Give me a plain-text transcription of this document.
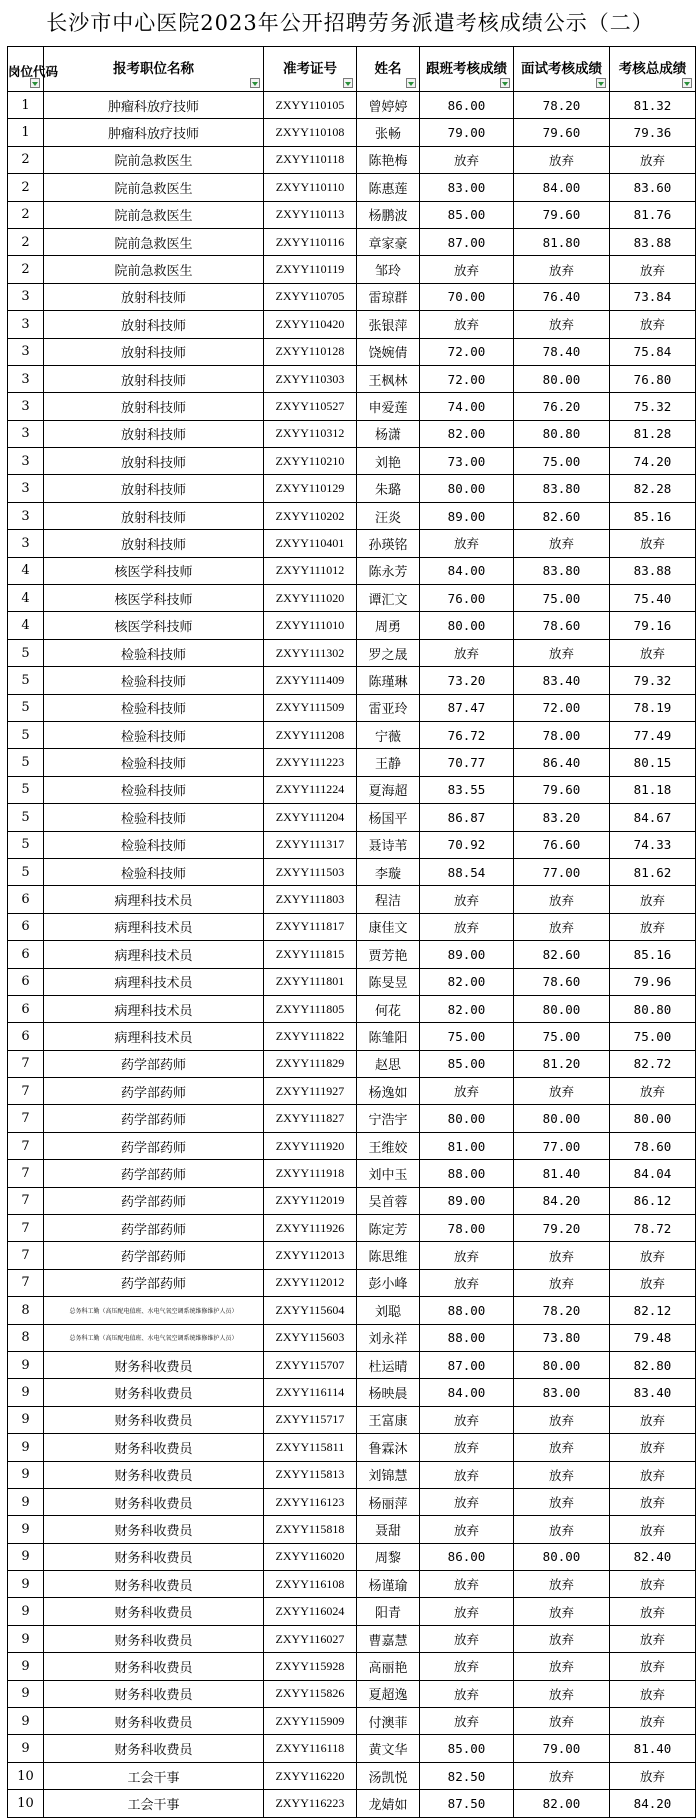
长沙市中心医院2023年公开招聘劳务派遣考核成绩公示（二）
岗位代码	报考职位名称	准考证号	姓名	跟班考核成绩	面试考核成绩	考核总成绩

1	肿瘤科放疗技师	ZXYY110105	曾婷婷	86.00	78.20	81.32
1	肿瘤科放疗技师	ZXYY110108	张畅	79.00	79.60	79.36
2	院前急救医生	ZXYY110118	陈艳梅	放弃	放弃	放弃
2	院前急救医生	ZXYY110110	陈惠莲	83.00	84.00	83.60
2	院前急救医生	ZXYY110113	杨鹏波	85.00	79.60	81.76
2	院前急救医生	ZXYY110116	章家豪	87.00	81.80	83.88
2	院前急救医生	ZXYY110119	邹玲	放弃	放弃	放弃
3	放射科技师	ZXYY110705	雷琼群	70.00	76.40	73.84
3	放射科技师	ZXYY110420	张银萍	放弃	放弃	放弃
3	放射科技师	ZXYY110128	饶婉倩	72.00	78.40	75.84
3	放射科技师	ZXYY110303	王枫林	72.00	80.00	76.80
3	放射科技师	ZXYY110527	申爱莲	74.00	76.20	75.32
3	放射科技师	ZXYY110312	杨潇	82.00	80.80	81.28
3	放射科技师	ZXYY110210	刘艳	73.00	75.00	74.20
3	放射科技师	ZXYY110129	朱璐	80.00	83.80	82.28
3	放射科技师	ZXYY110202	汪炎	89.00	82.60	85.16
3	放射科技师	ZXYY110401	孙瑛铭	放弃	放弃	放弃
4	核医学科技师	ZXYY111012	陈永芳	84.00	83.80	83.88
4	核医学科技师	ZXYY111020	谭汇文	76.00	75.00	75.40
4	核医学科技师	ZXYY111010	周勇	80.00	78.60	79.16
5	检验科技师	ZXYY111302	罗之晟	放弃	放弃	放弃
5	检验科技师	ZXYY111409	陈瑾琳	73.20	83.40	79.32
5	检验科技师	ZXYY111509	雷亚玲	87.47	72.00	78.19
5	检验科技师	ZXYY111208	宁薇	76.72	78.00	77.49
5	检验科技师	ZXYY111223	王静	70.77	86.40	80.15
5	检验科技师	ZXYY111224	夏海超	83.55	79.60	81.18
5	检验科技师	ZXYY111204	杨国平	86.87	83.20	84.67
5	检验科技师	ZXYY111317	聂诗苇	70.92	76.60	74.33
5	检验科技师	ZXYY111503	李璇	88.54	77.00	81.62
6	病理科技术员	ZXYY111803	程洁	放弃	放弃	放弃
6	病理科技术员	ZXYY111817	康佳文	放弃	放弃	放弃
6	病理科技术员	ZXYY111815	贾芳艳	89.00	82.60	85.16
6	病理科技术员	ZXYY111801	陈旻昱	82.00	78.60	79.96
6	病理科技术员	ZXYY111805	何花	82.00	80.00	80.80
6	病理科技术员	ZXYY111822	陈雏阳	75.00	75.00	75.00
7	药学部药师	ZXYY111829	赵思	85.00	81.20	82.72
7	药学部药师	ZXYY111927	杨逸如	放弃	放弃	放弃
7	药学部药师	ZXYY111827	宁浩宇	80.00	80.00	80.00
7	药学部药师	ZXYY111920	王维姣	81.00	77.00	78.60
7	药学部药师	ZXYY111918	刘中玉	88.00	81.40	84.04
7	药学部药师	ZXYY112019	吴首蓉	89.00	84.20	86.12
7	药学部药师	ZXYY111926	陈定芳	78.00	79.20	78.72
7	药学部药师	ZXYY112013	陈思维	放弃	放弃	放弃
7	药学部药师	ZXYY112012	彭小峰	放弃	放弃	放弃
8	总务科工勤（高压配电值班、水电气氧空调系统维修维护人员）	ZXYY115604	刘聪	88.00	78.20	82.12
8	总务科工勤（高压配电值班、水电气氧空调系统维修维护人员）	ZXYY115603	刘永祥	88.00	73.80	79.48
9	财务科收费员	ZXYY115707	杜运晴	87.00	80.00	82.80
9	财务科收费员	ZXYY116114	杨映晨	84.00	83.00	83.40
9	财务科收费员	ZXYY115717	王富康	放弃	放弃	放弃
9	财务科收费员	ZXYY115811	鲁霖沐	放弃	放弃	放弃
9	财务科收费员	ZXYY115813	刘锦慧	放弃	放弃	放弃
9	财务科收费员	ZXYY116123	杨丽萍	放弃	放弃	放弃
9	财务科收费员	ZXYY115818	聂甜	放弃	放弃	放弃
9	财务科收费员	ZXYY116020	周黎	86.00	80.00	82.40
9	财务科收费员	ZXYY116108	杨谨瑜	放弃	放弃	放弃
9	财务科收费员	ZXYY116024	阳青	放弃	放弃	放弃
9	财务科收费员	ZXYY116027	曹嘉慧	放弃	放弃	放弃
9	财务科收费员	ZXYY115928	高丽艳	放弃	放弃	放弃
9	财务科收费员	ZXYY115826	夏超逸	放弃	放弃	放弃
9	财务科收费员	ZXYY115909	付澳菲	放弃	放弃	放弃
9	财务科收费员	ZXYY116118	黄文华	85.00	79.00	81.40
10	工会干事	ZXYY116220	汤凯悦	82.50	放弃	放弃
10	工会干事	ZXYY116223	龙婧如	87.50	82.00	84.20
